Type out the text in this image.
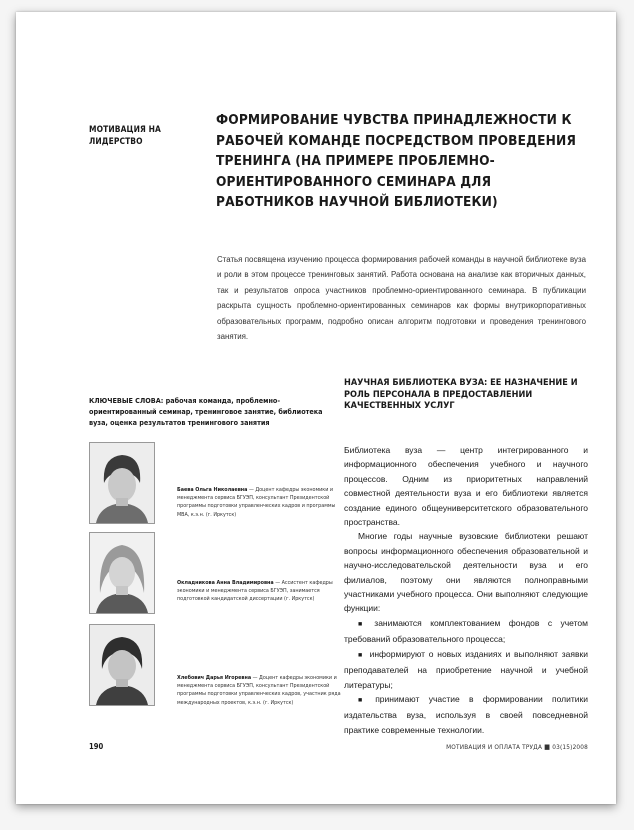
МОТИВАЦИЯ НА
ЛИДЕРСТВО
ФОРМИРОВАНИЕ ЧУВСТВА ПРИНАДЛЕЖНОСТИ К РАБОЧЕЙ КОМАНДЕ ПОСРЕДСТВОМ ПРОВЕДЕНИЯ ТРЕНИНГА (НА ПРИМЕРЕ ПРОБЛЕМНО-ОРИЕНТИРОВАННОГО СЕМИНАРА ДЛЯ РАБОТНИКОВ НАУЧНОЙ БИБЛИОТЕКИ)

Статья посвящена изучению процесса формирования рабочей команды в научной библиотеке вуза и роли в этом процессе тренинговых занятий. Работа основана на анализе как вторичных данных, так и результатов опроса участников проблемно-ориентированного семинара. В публикации раскрыта сущность проблемно-ориентированных семинаров как формы внутрикорпоративных образовательных программ, подробно описан алгоритм подготовки и проведения тренингового занятия.

КЛЮЧЕВЫЕ СЛОВА: рабочая команда, проблемно-ориентированный семинар, тренинговое занятие, библиотека вуза, оценка результатов тренингового занятия
Баева Ольга Николаевна — Доцент кафедры экономики и менеджмента сервиса БГУЭП, консультант Президентской программы подготовки управленческих кадров и программы МВА, к.э.н. (г. Иркутск)
Окладникова Анна Владимировна — Ассистент кафедры экономики и менеджмента сервиса БГУЭП, занимается подготовкой кандидатской диссертации (г. Иркутск)
Хлебович Дарья Игоревна — Доцент кафедры экономики и менеджмента сервиса БГУЭП, консультант Президентской программы подготовки управленческих кадров, участник ряда международных проектов, к.э.н. (г. Иркутск)
НАУЧНАЯ БИБЛИОТЕКА ВУЗА: ЕЕ НАЗНАЧЕНИЕ И РОЛЬ ПЕРСОНАЛА В ПРЕДОСТАВЛЕНИИ КАЧЕСТВЕННЫХ УСЛУГ

Библиотека вуза — центр интегрированного и информационного обеспечения учебного и научного процессов. Одним из приоритетных направлений совместной деятельности вуза и его библиотеки является создание единого общеуниверситетского образовательного пространства.

Многие годы научные вузовские библиотеки решают вопросы информационного обеспечения образовательной и научно-исследовательской деятельности вуза и его филиалов, поэтому они являются полноправными участниками учебного процесса. Они выполняют следующие функции:

■ занимаются комплектованием фондов с учетом требований образовательного процесса;
■ информируют о новых изданиях и выполняют заявки преподавателей на приобретение научной и учебной литературы;
■ принимают участие в формировании политики издательства вуза, используя в своей повседневной практике современные технологии.
190	МОТИВАЦИЯ И ОПЛАТА ТРУДА ■ 03(15)2008
